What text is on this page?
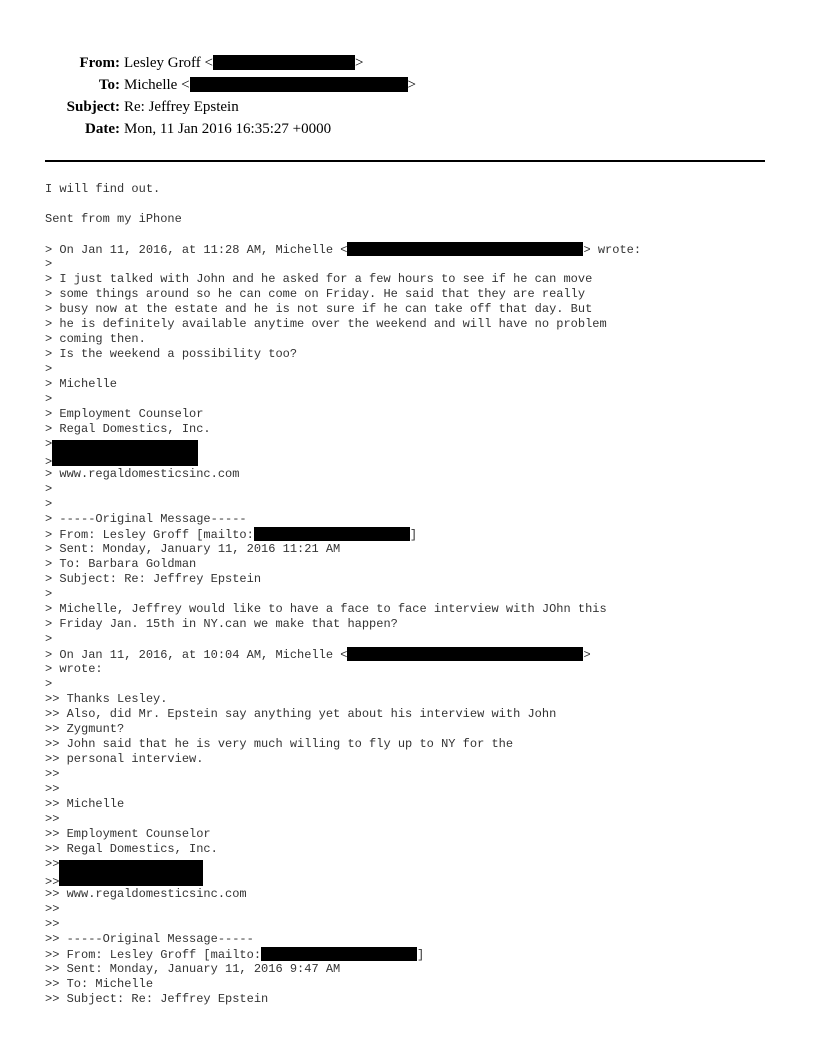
From: Lesley Groff <	>
To: Michelle <	>
Subject: Re: Jeffrey Epstein
Date: Mon, 11 Jan 2016 16:35:27 +0000
I will find out.
Sent from my iPhone
> On Jan 11, 2016, at 11:28 AM, Michelle <	> wrote:
>
> I just talked with John and he asked for a few hours to see if he can move
> some things around so he can come on Friday. He said that they are really
> busy now at the estate and he is not sure if he can take off that day. But
> he is definitely available anytime over the weekend and will have no problem
> coming then.
> Is the weekend a possibility too?
>
> Michelle
>
> Employment Counselor
> Regal Domestics, Inc.
>
>
> www.regaldomesticsinc.com
>
>
> -----Original Message-----
> From: Lesley Groff [mailto:	]
> Sent: Monday, January 11, 2016 11:21 AM
> To: Barbara Goldman
> Subject: Re: Jeffrey Epstein
>
> Michelle, Jeffrey would like to have a face to face interview with JOhn this
> Friday Jan. 15th in NY.can we make that happen?
>
> On Jan 11, 2016, at 10:04 AM, Michelle <	>
> wrote:
>
>> Thanks Lesley.
>> Also, did Mr. Epstein say anything yet about his interview with John
>> Zygmunt?
>> John said that he is very much willing to fly up to NY for the
>> personal interview.
>>
>>
>> Michelle
>>
>> Employment Counselor
>> Regal Domestics, Inc.
>>
>>
>> www.regaldomesticsinc.com
>>
>>
>> -----Original Message-----
>> From: Lesley Groff [mailto:	]
>> Sent: Monday, January 11, 2016 9:47 AM
>> To: Michelle
>> Subject: Re: Jeffrey Epstein
